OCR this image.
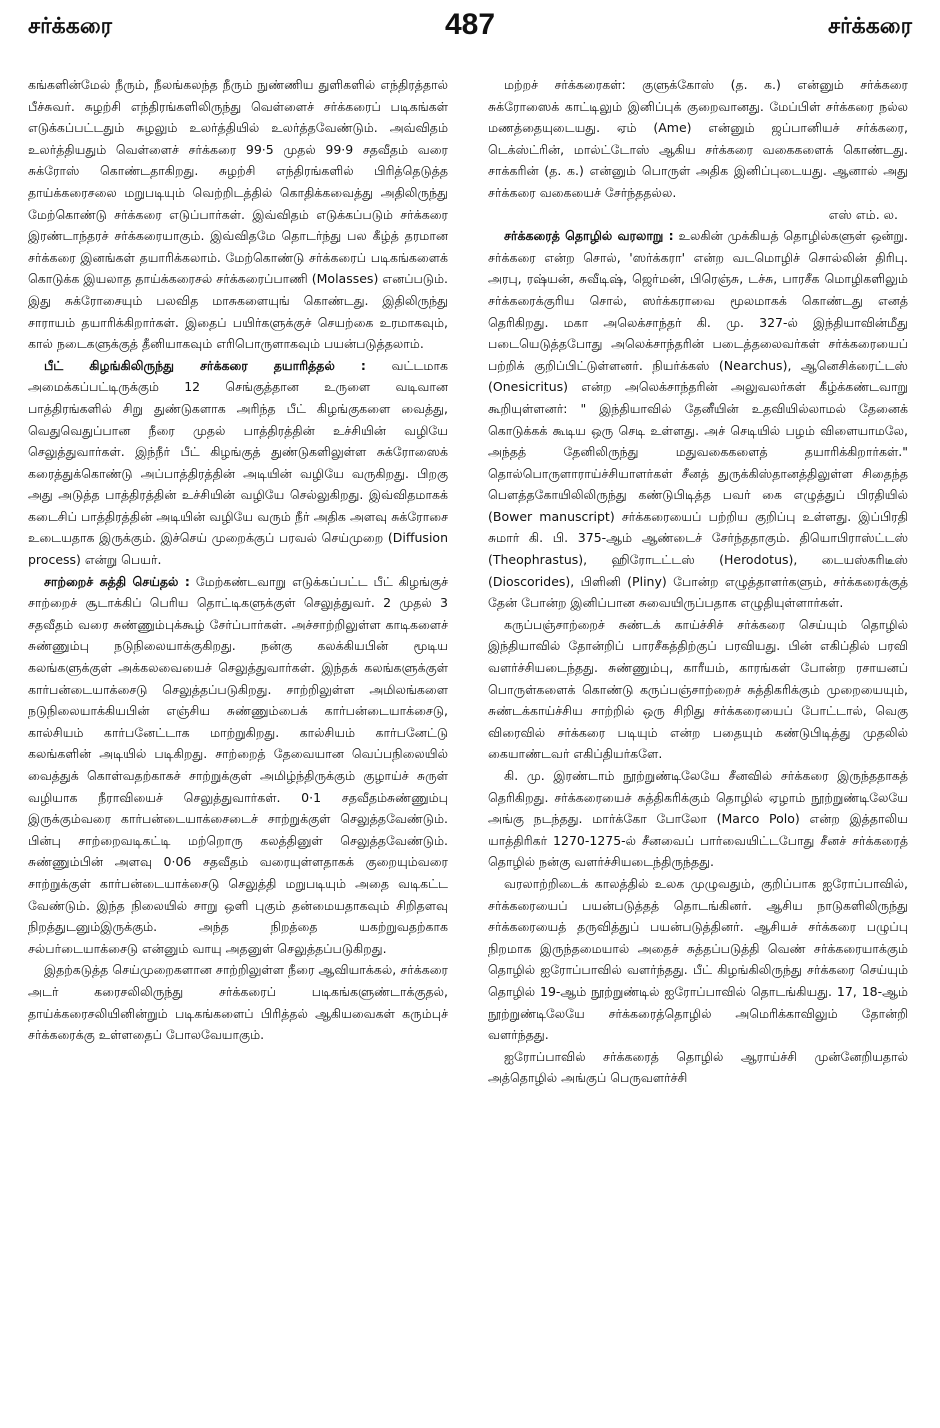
சர்க்கரை	487	சர்க்கரை

கங்களின்மேல் நீரும், நீலங்கலந்த நீரும் நுண்ணிய துளிகளில் எந்திரத்தால் பீச்சுவர். சுழற்சி எந்திரங்களிலிருந்து வெள்ளைச் சர்க்கரைப் படிகங்கள் எடுக்கப்பட்டதும் சுழலும் உலர்த்தியில் உலர்த்தவேண்டும். அவ்விதம் உலர்த்தியதும் வெள்ளைச் சர்க்கரை 99·5 முதல் 99·9 சதவீதம் வரை சுக்ரோஸ் கொண்டதாகிறது. சுழற்சி எந்திரங்களில் பிரித்தெடுத்த தாய்க்கரைசலை மறுபடியும் வெற்றிடத்தில் கொதிக்கவைத்து அதிலிருந்து மேற்கொண்டு சர்க்கரை எடுப்பார்கள். இவ்விதம் எடுக்கப்படும் சர்க்கரை இரண்டாந்தரச் சர்க்கரையாகும். இவ்விதமே தொடர்ந்து பல கீழ்த் தரமான சர்க்கரை இனங்கள் தயாரிக்கலாம். மேற்கொண்டு சர்க்கரைப் படிகங்களைக் கொடுக்க இயலாத தாய்க்கரைசல் சர்க்கரைப்பாணி (Molasses) எனப்படும். இது சுக்ரோசையும் பலவித மாசுகளையுங் கொண்டது. இதிலிருந்து சாராயம் தயாரிக்கிறார்கள். இதைப் பயிர்களுக்குச் செயற்கை உரமாகவும், கால் நடைகளுக்குத் தீனியாகவும் எரிபொருளாகவும் பயன்படுத்தலாம்.

பீட் கிழங்கிலிருந்து சர்க்கரை தயாரித்தல் : வட்டமாக அமைக்கப்பட்டிருக்கும் 12 செங்குத்தான உருளை வடிவான பாத்திரங்களில் சிறு துண்டுகளாக அரிந்த பீட் கிழங்குகளை வைத்து, வெதுவெதுப்பான நீரை முதல் பாத்திரத்தின் உச்சியின் வழியே செலுத்துவார்கள். இந்நீர் பீட் கிழங்குத் துண்டுகளிலுள்ள சுக்ரோஸைக் கரைத்துக்கொண்டு அப்பாத்திரத்தின் அடியின் வழியே வருகிறது. பிறகு அது அடுத்த பாத்திரத்தின் உச்சியின் வழியே செல்லுகிறது. இவ்விதமாகக் கடைசிப் பாத்திரத்தின் அடியின் வழியே வரும் நீர் அதிக அளவு சுக்ரோசை உடையதாக இருக்கும். இச்செய் முறைக்குப் பரவல் செய்முறை (Diffusion process) என்று பெயர்.

சாற்றைச் சுத்தி செய்தல் : மேற்கண்டவாறு எடுக்கப்பட்ட பீட் கிழங்குச் சாற்றைச் சூடாக்கிப் பெரிய தொட்டிகளுக்குள் செலுத்துவர். 2 முதல் 3 சதவீதம் வரை சுண்ணும்புக்கூழ் சேர்ப்பார்கள். அச்சாற்றிலுள்ள காடிகளைச் சுண்ணும்பு நடுநிலையாக்குகிறது. நன்கு கலக்கியபின் மூடிய கலங்களுக்குள் அக்கலவையைச் செலுத்துவார்கள். இந்தக் கலங்களுக்குள் கார்பன்டையாக்சைடு செலுத்தப்படுகிறது. சாற்றிலுள்ள அமிலங்களை நடுநிலையாக்கியபின் எஞ்சிய சுண்ணும்பைக் கார்பன்டையாக்சைடு, கால்சியம் கார்பனேட்டாக மாற்றுகிறது. கால்சியம் கார்பனேட்டு கலங்களின் அடியில் படிகிறது. சாற்றைத் தேவையான வெப்பநிலையில் வைத்துக் கொள்வதற்காகச் சாற்றுக்குள் அமிழ்ந்திருக்கும் குழாய்ச் சுருள் வழியாக நீராவியைச் செலுத்துவார்கள். 0·1 சதவீதம்சுண்ணும்பு இருக்கும்வரை கார்பன்டையாக்சைடைச் சாற்றுக்குள் செலுத்தவேண்டும். பின்பு சாற்றைவடிகட்டி மற்றொரு கலத்தினுள் செலுத்தவேண்டும். சுண்ணும்பின் அளவு 0·06 சதவீதம் வரையுள்ளதாகக் குறையும்வரை சாற்றுக்குள் கார்பன்டையாக்சைடு செலுத்தி மறுபடியும் அதை வடிகட்ட வேண்டும். இந்த நிலையில் சாறு ஒளி புகும் தன்மையதாகவும் சிறிதளவு நிறத்துடனும்இருக்கும். அந்த நிறத்தை யகற்றுவதற்காக சல்பர்டையாக்சைடு என்னும் வாயு அதனுள் செலுத்தப்படுகிறது.

இதற்கடுத்த செய்முறைகளான சாற்றிலுள்ள நீரை ஆவியாக்கல், சர்க்கரை அடர் கரைசலிலிருந்து சர்க்கரைப் படிகங்களுண்டாக்குதல், தாய்க்கரைசலியினின்றும் படிகங்களைப் பிரித்தல் ஆகியவைகள் கரும்புச் சர்க்கரைக்கு உள்ளதைப் போலவேயாகும்.

மற்றச் சர்க்கரைகள்: குளுக்கோஸ் (த. க.) என்னும் சர்க்கரை சுக்ரோஸைக் காட்டிலும் இனிப்புக் குறைவானது. மேப்பிள் சர்க்கரை நல்ல மணத்தையுடையது. ஏம் (Ame) என்னும் ஜப்பானியச் சர்க்கரை, டெக்ஸ்ட்ரின், மால்ட்டோஸ் ஆகிய சர்க்கரை வகைகளைக் கொண்டது. சாக்கரின் (த. க.) என்னும் பொருள் அதிக இனிப்புடையது. ஆனால் அது சர்க்கரை வகையைச் சேர்ந்ததல்ல.

எஸ் எம். ல.

சர்க்கரைத் தொழில் வரலாறு : உலகின் முக்கியத் தொழில்களுள் ஒன்று. சர்க்கரை என்ற சொல், 'ஸர்க்கரா' என்ற வடமொழிச் சொல்லின் திரிபு. அரபு, ரஷ்யன், சுவீடிஷ், ஜெர்மன், பிரெஞ்சு, டச்சு, பாரசீக மொழிகளிலும் சர்க்கரைக்குரிய சொல், ஸர்க்கராவை மூலமாகக் கொண்டது எனத் தெரிகிறது. மகா அலெக்சாந்தர் கி. மு. 327-ல் இந்தியாவின்மீது படையெடுத்தபோது அலெக்சாந்தரின் படைத்தலைவர்கள் சர்க்கரையைப் பற்றிக் குறிப்பிட்டுள்ளனர். நியர்க்கஸ் (Nearchus), ஆனெசிக்ரைட்டஸ் (Onesicritus) என்ற அலெக்சாந்தரின் அலுவலர்கள் கீழ்க்கண்டவாறு கூறியுள்ளனர்: " இந்தியாவில் தேனீயின் உதவியில்லாமல் தேனைக் கொடுக்கக் கூடிய ஒரு செடி உள்ளது. அச் செடியில் பழம் விளையாமலே, அந்தத் தேனிலிருந்து மதுவகைகளைத் தயாரிக்கிறார்கள்." தொல்பொருளாராய்ச்சியாளர்கள் சீனத் துருக்கிஸ்தானத்திலுள்ள சிதைந்த பௌத்தகோயிலிலிருந்து கண்டுபிடித்த பவர் கை எழுத்துப் பிரதியில் (Bower manuscript) சர்க்கரையைப் பற்றிய குறிப்பு உள்ளது. இப்பிரதி சுமார் கி. பி. 375-ஆம் ஆண்டைச் சேர்ந்ததாகும். தியொபிராஸ்ட்டஸ் (Theophrastus), ஹிரோடட்டஸ் (Herodotus), டையஸ்கரிடீஸ் (Dioscorides), பிளினி (Pliny) போன்ற எழுத்தாளர்களும், சர்க்கரைக்குத் தேன் போன்ற இனிப்பான சுவையிருப்பதாக எழுதியுள்ளார்கள்.

கருப்பஞ்சாற்றைச் சுண்டக் காய்ச்சிச் சர்க்கரை செய்யும் தொழில் இந்தியாவில் தோன்றிப் பாரசீகத்திற்குப் பரவியது. பின் எகிப்தில் பரவி வளர்ச்சியடைந்தது. சுண்ணும்பு, காரீயம், காரங்கள் போன்ற ரசாயனப் பொருள்களைக் கொண்டு கருப்பஞ்சாற்றைச் சுத்திகரிக்கும் முறையையும், சுண்டக்காய்ச்சிய சாற்றில் ஒரு சிறிது சர்க்கரையைப் போட்டால், வெகு விரைவில் சர்க்கரை படியும் என்ற பதையும் கண்டுபிடித்து முதலில் கையாண்டவர் எகிப்தியர்களே.

கி. மு. இரண்டாம் நூற்றுண்டிலேயே சீனவில் சர்க்கரை இருந்ததாகத் தெரிகிறது. சர்க்கரையைச் சுத்திகரிக்கும் தொழில் ஏழாம் நூற்றுண்டிலேயே அங்கு நடந்தது. மார்க்கோ போலோ (Marco Polo) என்ற இத்தாலிய யாத்திரிகர் 1270-1275-ல் சீனவைப் பார்வையிட்டபோது சீனச் சர்க்கரைத் தொழில் நன்கு வளர்ச்சியடைந்திருந்தது.

வரலாற்றிடைக் காலத்தில் உலக முழுவதும், குறிப்பாக ஐரோப்பாவில், சர்க்கரையைப் பயன்படுத்தத் தொடங்கினர். ஆசிய நாடுகளிலிருந்து சர்க்கரையைத் தருவித்துப் பயன்படுத்தினர். ஆசியச் சர்க்கரை பழுப்பு நிறமாக இருந்தமையால் அதைச் சுத்தப்படுத்தி வெண் சர்க்கரையாக்கும் தொழில் ஐரோப்பாவில் வளர்ந்தது. பீட் கிழங்கிலிருந்து சர்க்கரை செய்யும் தொழில் 19-ஆம் நூற்றுண்டில் ஐரோப்பாவில் தொடங்கியது. 17, 18-ஆம் நூற்றுண்டிலேயே சர்க்கரைத்தொழில் அமெரிக்காவிலும் தோன்றி வளர்ந்தது.

ஐரோப்பாவில் சர்க்கரைத் தொழில் ஆராய்ச்சி முன்னேறியதால் அத்தொழில் அங்குப் பெருவளர்ச்சி
